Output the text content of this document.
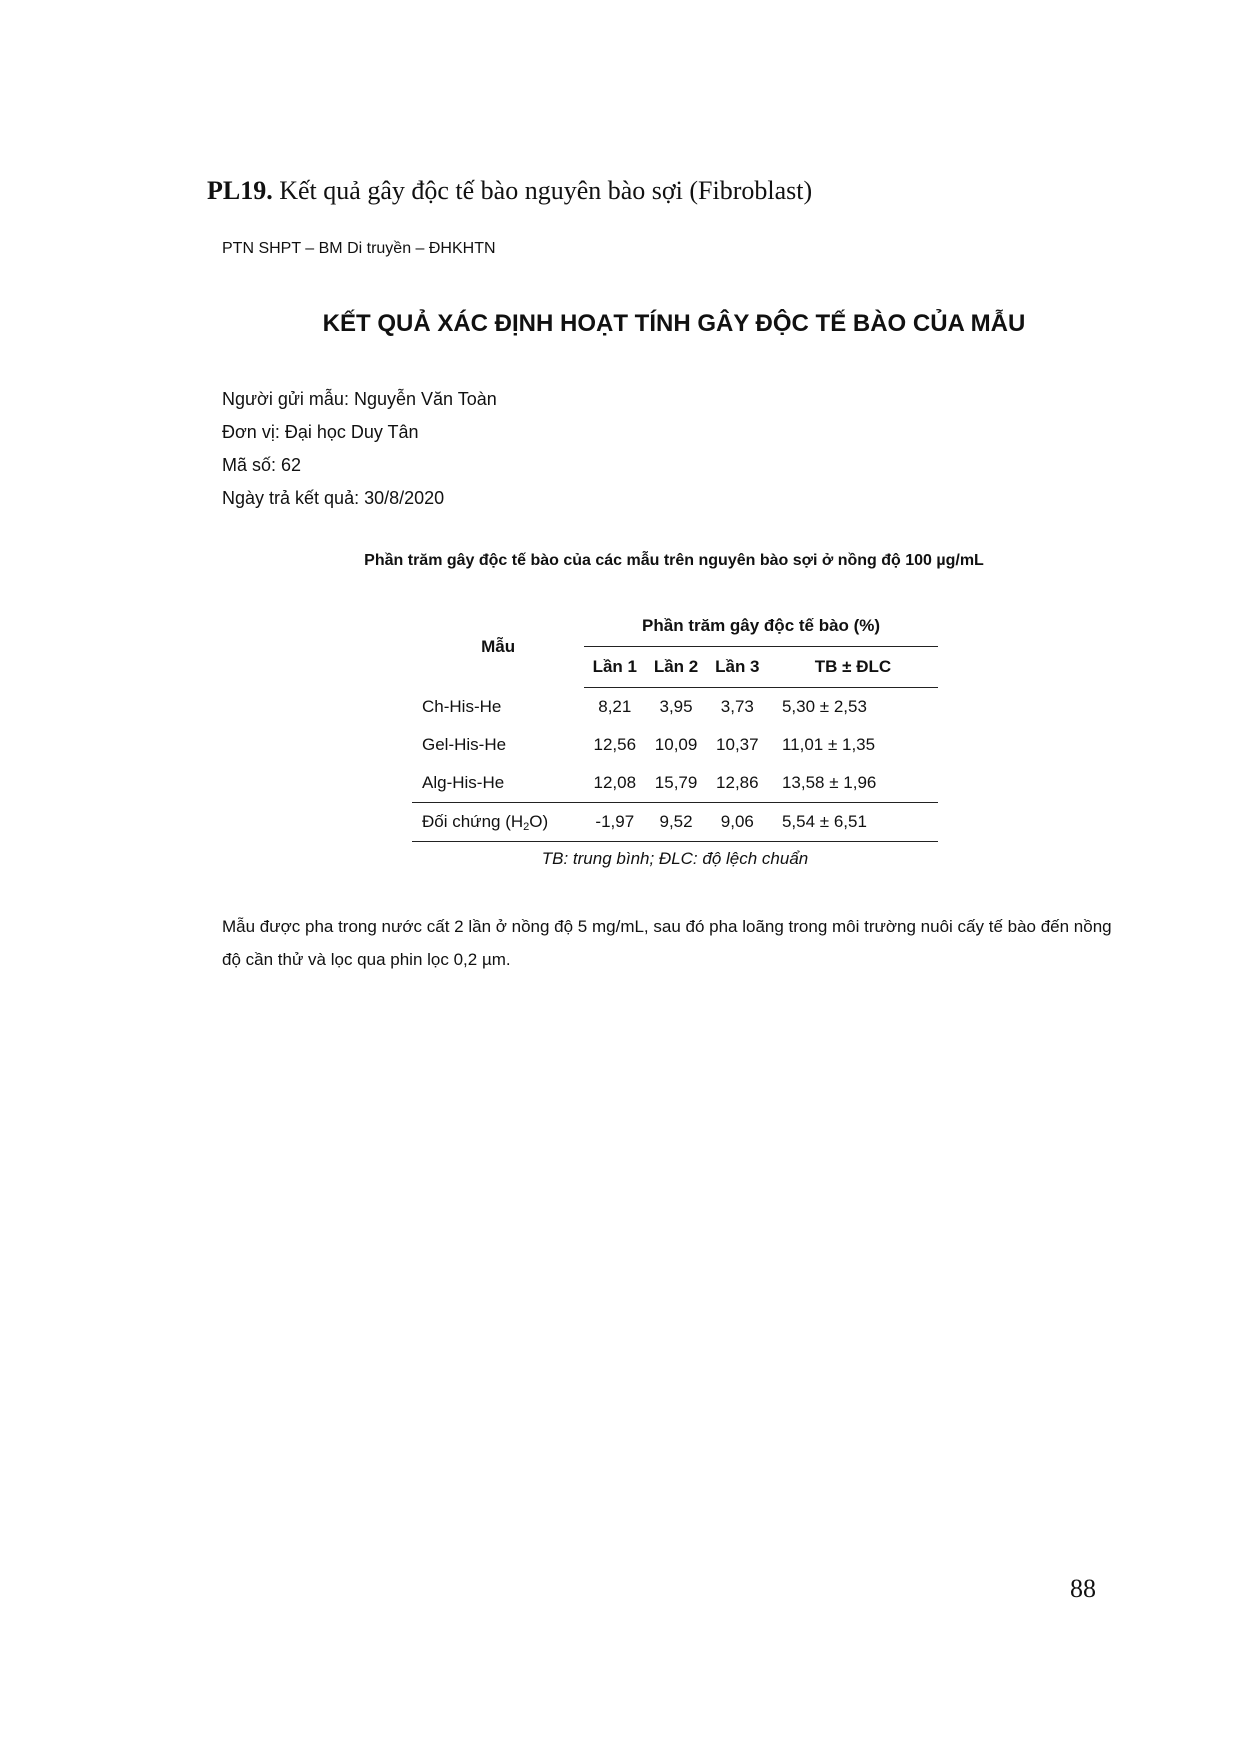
PL19. Kết quả gây độc tế bào nguyên bào sợi (Fibroblast)
PTN SHPT – BM Di truyền – ĐHKHTN
KẾT QUẢ XÁC ĐỊNH HOẠT TÍNH GÂY ĐỘC TẾ BÀO CỦA MẪU
Người gửi mẫu: Nguyễn Văn Toàn
Đơn vị: Đại học Duy Tân
Mã số: 62
Ngày trả kết quả: 30/8/2020
Phần trăm gây độc tế bào của các mẫu trên nguyên bào sợi ở nồng độ 100 µg/mL
Mẫu	Phần trăm gây độc tế bào (%)			
	Lần 1	Lần 2	Lần 3	TB ± ĐLC
Ch-His-He	8,21	3,95	3,73	5,30 ± 2,53
Gel-His-He	12,56	10,09	10,37	11,01 ± 1,35
Alg-His-He	12,08	15,79	12,86	13,58 ± 1,96
Đối chứng $(H_2O)$	-1,97	9,52	9,06	5,54 ± 6,51
TB: trung bình; ĐLC: độ lệch chuẩn
Mẫu được pha trong nước cất 2 lần ở nồng độ 5 mg/mL, sau đó pha loãng trong môi trường nuôi cấy tế bào đến nồng độ cần thử và lọc qua phin lọc 0,2 µm.
88
